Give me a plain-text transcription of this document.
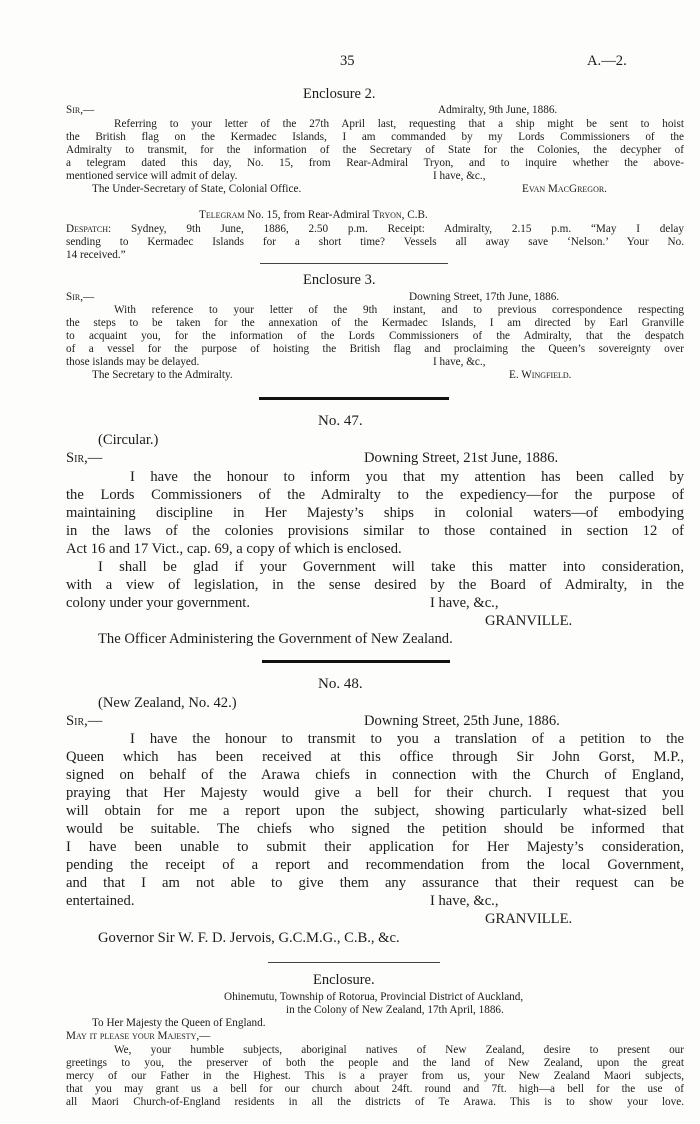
35	A.—2.
Enclosure 2.
Sir,—	Admiralty, 9th June, 1886.
Referring to your letter of the 27th April last, requesting that a ship might be sent to hoist
the British flag on the Kermadec Islands, I am commanded by my Lords Commissioners of the
Admiralty to transmit, for the information of the Secretary of State for the Colonies, the decypher of
a telegram dated this day, No. 15, from Rear-Admiral Tryon, and to inquire whether the above-
mentioned service will admit of delay.	I have, &c.,
The Under-Secretary of State, Colonial Office.	Evan MacGregor.
Telegram No. 15, from Rear-Admiral Tryon, C.B.
Despatch: Sydney, 9th June, 1886, 2.50 p.m. Receipt: Admiralty, 2.15 p.m. “May I delay
sending to Kermadec Islands for a short time? Vessels all away save ‘Nelson.’ Your No.
14 received.”
Enclosure 3.
Sir,—	Downing Street, 17th June, 1886.
With reference to your letter of the 9th instant, and to previous correspondence respecting
the steps to be taken for the annexation of the Kermadec Islands, I am directed by Earl Granville
to acquaint you, for the information of the Lords Commissioners of the Admiralty, that the despatch
of a vessel for the purpose of hoisting the British flag and proclaiming the Queen’s sovereignty over
those islands may be delayed.	I have, &c.,
The Secretary to the Admiralty.	E. Wingfield.
No. 47.
(Circular.)
Sir,—	Downing Street, 21st June, 1886.
I have the honour to inform you that my attention has been called by
the Lords Commissioners of the Admiralty to the expediency—for the purpose of
maintaining discipline in Her Majesty’s ships in colonial waters—of embodying
in the laws of the colonies provisions similar to those contained in section 12 of
Act 16 and 17 Vict., cap. 69, a copy of which is enclosed.
I shall be glad if your Government will take this matter into consideration,
with a view of legislation, in the sense desired by the Board of Admiralty, in the
colony under your government.	I have, &c.,
GRANVILLE.
The Officer Administering the Government of New Zealand.
No. 48.
(New Zealand, No. 42.)
Sir,—	Downing Street, 25th June, 1886.
I have the honour to transmit to you a translation of a petition to the
Queen which has been received at this office through Sir John Gorst, M.P.,
signed on behalf of the Arawa chiefs in connection with the Church of England,
praying that Her Majesty would give a bell for their church. I request that you
will obtain for me a report upon the subject, showing particularly what-sized bell
would be suitable. The chiefs who signed the petition should be informed that
I have been unable to submit their application for Her Majesty’s consideration,
pending the receipt of a report and recommendation from the local Government,
and that I am not able to give them any assurance that their request can be
entertained.	I have, &c.,
GRANVILLE.
Governor Sir W. F. D. Jervois, G.C.M.G., C.B., &c.
Enclosure.
Ohinemutu, Township of Rotorua, Provincial District of Auckland,
in the Colony of New Zealand, 17th April, 1886.
To Her Majesty the Queen of England.
May it please your Majesty,—
We, your humble subjects, aboriginal natives of New Zealand, desire to present our
greetings to you, the preserver of both the people and the land of New Zealand, upon the great
mercy of our Father in the Highest. This is a prayer from us, your New Zealand Maori subjects,
that you may grant us a bell for our church about 24ft. round and 7ft. high—a bell for the use of
all Maori Church-of-England residents in all the districts of Te Arawa. This is to show your love.
